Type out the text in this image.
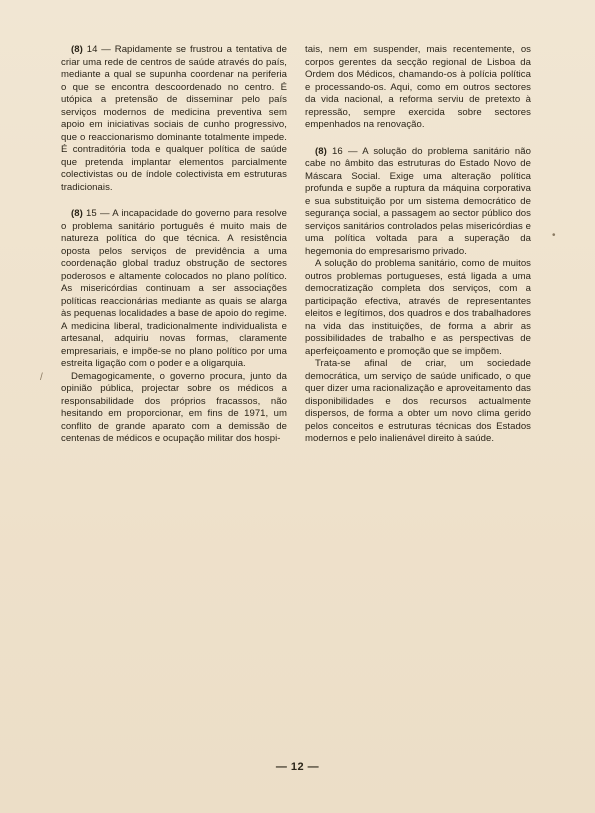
(8) 14 — Rapidamente se frustrou a tentativa de criar uma rede de centros de saúde através do país, mediante a qual se supunha coordenar na periferia o que se encontra descoordenado no centro. É utópica a pretensão de disseminar pelo país serviços modernos de medicina preventiva sem apoio em iniciativas sociais de cunho progressivo, que o reaccionarismo dominante totalmente impede. É contraditória toda e qualquer política de saúde que pretenda implantar elementos parcialmente colectivistas ou de índole colectivista em estruturas tradicionais.

(8) 15 — A incapacidade do governo para resolve o problema sanitário português é muito mais de natureza política do que técnica. A resistência oposta pelos serviços de previdência a uma coordenação global traduz obstrução de sectores poderosos e altamente colocados no plano político. As misericórdias continuam a ser associações políticas reaccionárias mediante as quais se alarga às pequenas localidades a base de apoio do regime. A medicina liberal, tradicionalmente individualista e artesanal, adquiriu novas formas, claramente empresariais, e impõe-se no plano político por uma estreita ligação com o poder e a oligarquia.

Demagogicamente, o governo procura, junto da opinião pública, projectar sobre os médicos a responsabilidade dos próprios fracassos, não hesitando em proporcionar, em fins de 1971, um conflito de grande aparato com a demissão de centenas de médicos e ocupação militar dos hospi-

tais, nem em suspender, mais recentemente, os corpos gerentes da secção regional de Lisboa da Ordem dos Médicos, chamando-os à polícia política e processando-os. Aqui, como em outros sectores da vida nacional, a reforma serviu de pretexto à repressão, sempre exercida sobre sectores empenhados na renovação.

(8) 16 — A solução do problema sanitário não cabe no âmbito das estruturas do Estado Novo de Máscara Social. Exige uma alteração política profunda e supõe a ruptura da máquina corporativa e sua substituição por um sistema democrático de segurança social, a passagem ao sector público dos serviços sanitários controlados pelas misericórdias e uma política voltada para a superação da hegemonia do empresarismo privado.

A solução do problema sanitário, como de muitos outros problemas portugueses, está ligada a uma democratização completa dos serviços, com a participação efectiva, através de representantes eleitos e legítimos, dos quadros e dos trabalhadores na vida das instituições, de forma a abrir as possibilidades de trabalho e as perspectivas de aperfeiçoamento e promoção que se impõem.

Trata-se afinal de criar, um sociedade democrática, um serviço de saúde unificado, o que quer dizer uma racionalização e aproveitamento das disponibilidades e dos recursos actualmente dispersos, de forma a obter um novo clima gerido pelos conceitos e estruturas técnicas dos Estados modernos e pelo inalienável direito à saúde.

— 12 —
/
•
